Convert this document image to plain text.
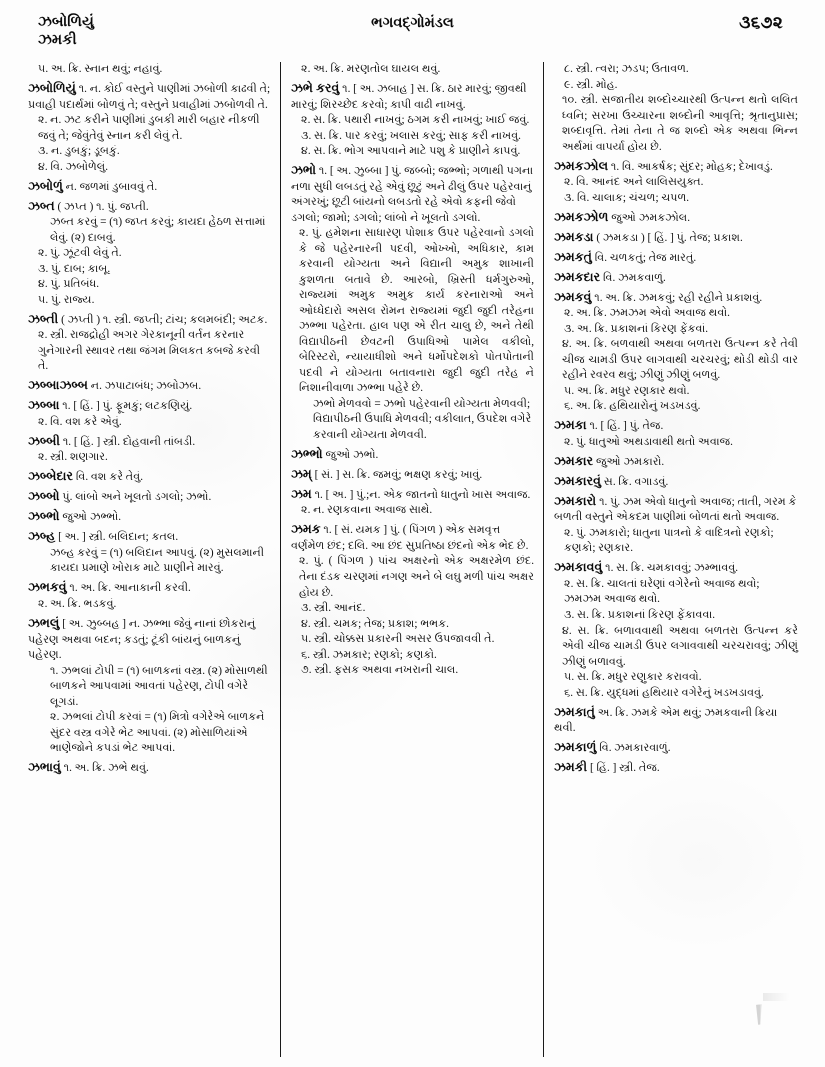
ઝબોળિયું
ઝમકી
ભગવદ્ગોમંડલ	૩૬૭૨

૫. અ. ક્રિ. સ્નાન થવું; નહાવું.

ઝબોળિયું ૧. ન. કોઈ વસ્તુને પાણીમાં ઝબોળી કાઢવી તે; પ્રવાહી પદાર્થમાં બોળવું તે; વસ્તુને પ્રવાહીમાં ઝબોળવી તે.

૨. ન. ઝટ કરીને પાણીમાં ડુબકી મારી બહાર નીકળી જવું તે; જેવુંતેવું સ્નાન કરી લેવું તે.

૩. ન. ડુબકું; ડૂબકું.

૪. વિ. ઝબોળેલું.

ઝબોળું ન. જળમાં ડુબાવવું તે.

ઝબ્ત ( ઝપ્ત ) ૧. પું. જપ્તી.

ઝબ્ત કરવું = (૧) જપ્ત કરવું; કાયદા હેઠળ સત્તામાં લેવું. (૨) દાબવું.

૨. પું. ઝૂંટવી લેવું તે.

૩. પું. દાબ; કાબૂ.

૪. પું. પ્રતિબંધ.

૫. પું. રાજ્ય.

ઝબ્તી ( ઝપ્તી ) ૧. સ્ત્રી. જપ્તી; ટાંચ; કલમબંદી; અટક.

૨. સ્ત્રી. રાજદ્રોહી અગર ગેરકાનૂની વર્તન કરનાર ગુનેગારની સ્થાવર તથા જંગમ મિલકત કબજે કરવી તે.

ઝબ્બાઝબ્બ ન. ઝપાટાબંધ; ઝબોઝબ.

ઝબ્બા ૧. [ હિં. ] પું. ફૂમકું; લટકણિયું.

૨. વિ. વશ કરે એવું.

ઝબ્બી ૧. [ હિં. ] સ્ત્રી. દોહવાની તાંબડી.

૨. સ્ત્રી. શણગાર.

ઝબ્બેદાર વિ. વશ કરે તેવું.

ઝબ્બો પું. લાંબો અને ખૂલતો ડગલો; ઝભો.

ઝબ્ભો જુઓ ઝભ્ભો.

ઝબ્હ [ અ. ] સ્ત્રી. બલિદાન; કતલ.

ઝબ્હ કરવું = (૧) બલિદાન આપવું. (૨) મુસલમાની કાયદા પ્રમાણે ખોરાક માટે પ્રાણીને મારવું.

ઝભકવું ૧. અ. ક્રિ. આનાકાની કરવી.

૨. અ. ક્રિ. ભડકવું.

ઝભલું [ અ. ઝુબ્બહ ] ન. ઝભ્ભા જેવું નાનાં છોકરાનું પહેરણ અથવા બદન; કડતું; ટૂંકી બાંયનું બાળકનું પહેરણ.

૧. ઝભલાં ટોપી = (૧) બાળકનાં વસ્ત્ર. (૨) મોસાળથી બાળકને આપવામાં આવતાં પહેરણ, ટોપી વગેરે લૂગડાં.

૨. ઝભલાં ટોપી કરવાં = (૧) મિત્રો વગેરેએ બાળકને સુંદર વસ્ત્ર વગેરે ભેટ આપવાં. (૨) મોસાળિયાંએ ભાણેજોને કપડાં ભેટ આપવાં.

ઝભાવું ૧. અ. ક્રિ. ઝભે થવું.

૨. અ. ક્રિ. મરણતોલ ઘાયલ થવું.

ઝભે કરવું ૧. [ અ. ઝબાહ ] સ. ક્રિ. ઠાર મારવું; જીવથી મારવું; શિરચ્છેદ કરવો; કાપી વાઢી નાખવું.

૨. સ. ક્રિ. પથારી નાખવું; ઠગમ કરી નાખવું; ખાઈ જવું.

૩. સ. ક્રિ. પાર કરવું; ખલાસ કરવું; સાફ કરી નાખવું.

૪. સ. ક્રિ. ભોગ આપવાને માટે પશુ કે પ્રાણીને કાપવું.

ઝભો ૧. [ અ. ઝુબ્બા ] પું. જબ્બો; જભ્ભો; ગળાથી પગના નળા સુધી લબડતું રહે એવું છૂટું અને ઢીલું ઉપર પહેરવાનું અંગરખું; છૂટી બાંયનો લબડતો રહે એવો કફની જેવો ડગલો; જામો; ડગલો; લાંબો ને ખૂલતો ડગલો.

૨. પું. હમેશના સાધારણ પોશાક ઉપર પહેરવાનો ડગલો કે જે પહેરનારની પદવી, ઓખ્ખો, અધિકાર, કામ કરવાની યોગ્યતા અને વિદ્યાની અમુક શાખાની કુશળતા બતાવે છે. આરબો, ખ્રિસ્તી ધર્મગુરુઓ, રાજ્યમાં અમુક અમુક કાર્ય કરનારાઓ અને ઓધ્ધેદારો અસલ રોમન રાજ્યમાં જુદી જુદી તરેહના ઝભ્ભા પહેરતા. હાલ પણ એ રીત ચાલુ છે, અને તેથી વિદ્યાપીઠની છેવટની ઉપાધિઓ પામેલ વકીલો, બેરિસ્ટરો, ન્યાયાધીશો અને ધર્મોપદેશકો પોતપોતાની પદવી ને યોગ્યતા બતાવનારા જુદી જુદી તરેહ ને નિશાનીવાળા ઝભ્ભા પહેરે છે.

ઝભો મેળવવો = ઝભો પહેરવાની યોગ્યતા મેળવવી; વિદ્યાપીઠની ઉપાધિ મેળવવી; વકીલાત, ઉપદેશ વગેરે કરવાની યોગ્યતા મેળવવી.

ઝભ્ભો જુઓ ઝભો.

ઝમ્ [ સં. ] સ. ક્રિ. જમવું; ભક્ષણ કરવું; ખાવું.

ઝમ ૧. [ અ. ] પું.;ન. એક જાતનો ધાતુનો ખાસ અવાજ.

૨. ન. રણકવાના અવાજ સાથે.

ઝમક ૧. [ સં. યમક ] પું. ( પિંગળ ) એક સમવૃત્ત વર્ણમેળ છંદ; દલિ. આ છંદ સુપ્રતિષ્ઠા છંદનો એક ભેદ છે.

૨. પું. ( પિંગળ ) પાંચ અક્ષરનો એક અક્ષરમેળ છંદ. તેના દંડક ચરણમાં નગણ અને બે લઘુ મળી પાંચ અક્ષર હોય છે.

૩. સ્ત્રી. આનંદ.

૪. સ્ત્રી. ચમક; તેજ; પ્રકાશ; ભભક.

૫. સ્ત્રી. ચોક્કસ પ્રકારની અસર ઉપજાવવી તે.

૬. સ્ત્રી. ઝમકાર; રણકો; કણકો.

૭. સ્ત્રી. ફસક અથવા નખરાની ચાલ.

૮. સ્ત્રી. ત્વરા; ઝડપ; ઉતાવળ.

૯. સ્ત્રી. મોહ.

૧૦. સ્ત્રી. સજાતીય શબ્દોચ્ચારથી ઉત્પન્ન થતો લલિત ધ્વનિ; સરખા ઉચ્ચારના શબ્દોની આવૃત્તિ; શ્રૃતાનુપ્રાસ; શબ્દાવૃત્તિ. તેમાં તેના તે જ શબ્દો એક અથવા ભિન્ન અર્થમાં વાપર્યા હોય છે.

ઝમકઝોલ ૧. વિ. આકર્ષક; સુંદર; મોહક; દેખાવડું.

૨. વિ. આનંદ અને લાલિસયુક્ત.

૩. વિ. ચાલાક; ચંચળ; ચપળ.

ઝમકઝોળ જુઓ ઝમકઝોલ.

ઝમકડા ( ઝમકડા ) [ હિં. ] પું. તેજ; પ્રકાશ.

ઝમકતું વિ. ચળકતું; તેજ મારતું.

ઝમકદાર વિ. ઝમકવાળું.

ઝમકવું ૧. અ. ક્રિ. ઝમકવું; રહી રહીને પ્રકાશવું.

૨. અ. ક્રિ. ઝમઝમ એવો અવાજ થવો.

૩. અ. ક્રિ. પ્રકાશનાં કિરણ ફેંકવાં.

૪. અ. ક્રિ. બળવાથી અથવા બળતરા ઉત્પન્ન કરે તેવી ચીજ ચામડી ઉપર લાગવાથી ચરચરવું; થોડી થોડી વાર રહીને રવરવ થવું; ઝીણું ઝીણું બળવું.

૫. અ. ક્રિ. મધુર રણકાર થવો.

૬. અ. ક્રિ. હથિયારોનું ખડખડવું.

ઝમકા ૧. [ હિં. ] પું. તેજ.

૨. પું. ધાતુઓ અથડાવાથી થતો અવાજ.

ઝમકાર જુઓ ઝમકારો.

ઝમકારવું સ. ક્રિ. વગાડવું.

ઝમકારો ૧. પું. ઝમ એવો ધાતુનો અવાજ; તાતી, ગરમ કે બળતી વસ્તુને એકદમ પાણીમાં બોળતાં થતો અવાજ.

૨. પું. ઝમકારો; ધાતુના પાત્રનો કે વાદિત્રનો રણકો; કણકો; રણકાર.

ઝમકાવવું ૧. સ. ક્રિ. ચમકાવવું; ઝમ્ભાવવું.

૨. સ. ક્રિ. ચાલતાં ઘરેણાં વગેરેનો અવાજ થવો; ઝમઝમ અવાજ થવો.

૩. સ. ક્રિ. પ્રકાશનાં કિરણ ફેંકાવવા.

૪. સ. ક્રિ. બળાવવાથી અથવા બળતરા ઉત્પન્ન કરે એવી ચીજ ચામડી ઉપર લગાવવાથી ચરચરાવવું; ઝીણું ઝીણું બળાવવું.

૫. સ. ક્રિ. મધુર રણુકાર કરાવવો.

૬. સ. ક્રિ. યુદ્ધમાં હથિયાર વગેરેનું ખડખડાવવું.

ઝમકાતું અ. ક્રિ. ઝમકે એમ થવું; ઝમકવાની ક્રિયા થવી.

ઝમકાળું વિ. ઝમકારવાળું.

ઝમકી [ હિં. ] સ્ત્રી. તેજ.
